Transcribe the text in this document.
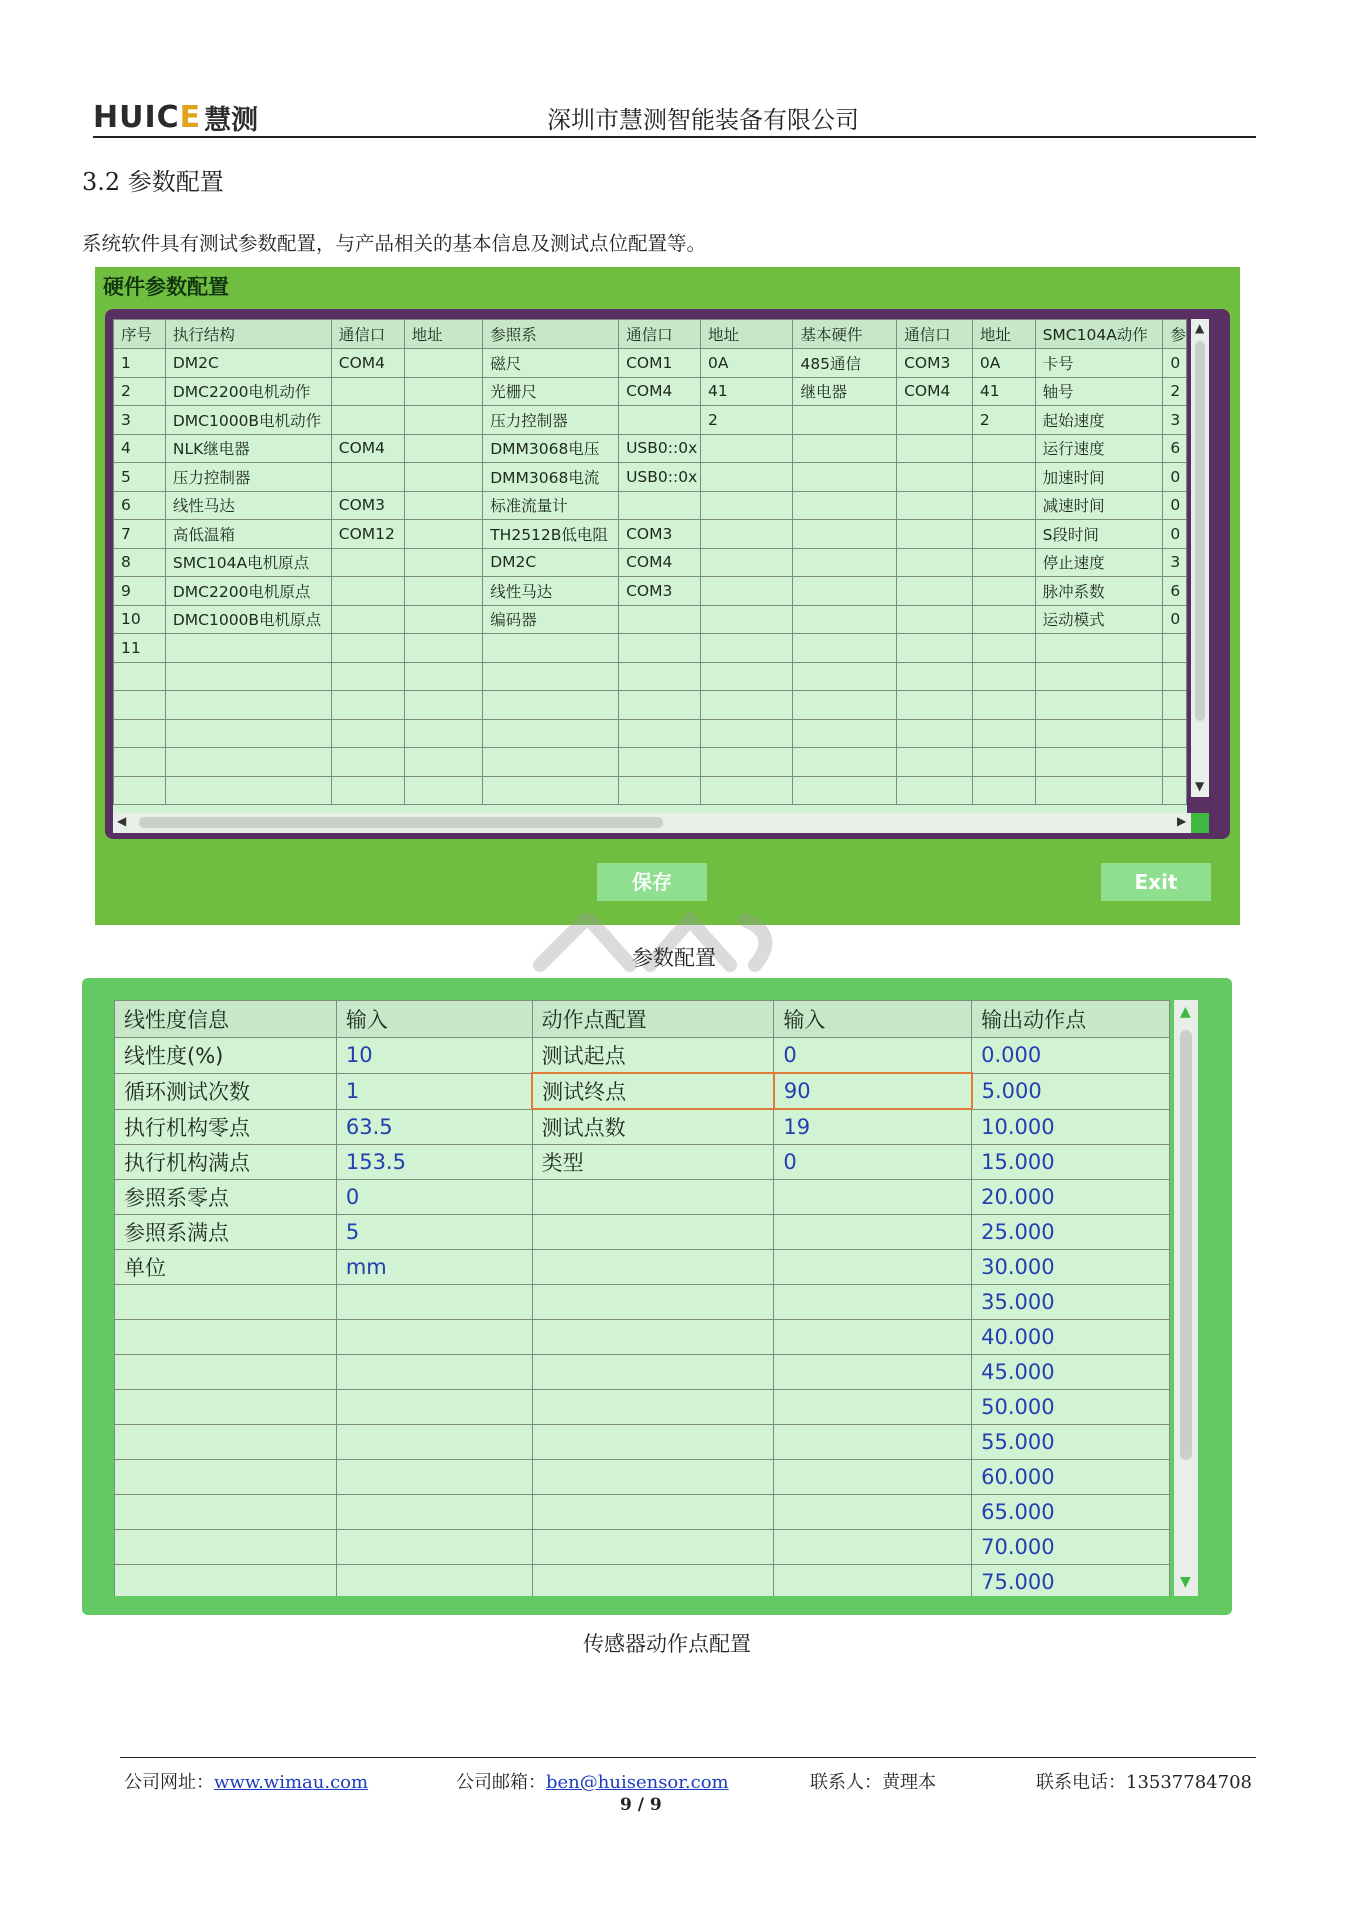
HUICE 慧测	深圳市慧测智能装备有限公司
3.2 参数配置
系统软件具有测试参数配置，与产品相关的基本信息及测试点位配置等。
硬件参数配置
序号	执行结构	通信口	地址	参照系	通信口	地址	基本硬件	通信口	地址	SMC104A动作	参
1	DM2C	COM4		磁尺	COM1	0A	485通信	COM3	0A	卡号	0
2	DMC2200电机动作			光栅尺	COM4	41	继电器	COM4	41	轴号	2
3	DMC1000B电机动作			压力控制器		2			2	起始速度	3
4	NLK继电器	COM4		DMM3068电压	USB0::0x					运行速度	6
5	压力控制器			DMM3068电流	USB0::0x					加速时间	0
6	线性马达	COM3		标准流量计						减速时间	0
7	高低温箱	COM12		TH2512B低电阻	COM3					S段时间	0
8	SMC104A电机原点			DM2C	COM4					停止速度	3
9	DMC2200电机原点			线性马达	COM3					脉冲系数	6
10	DMC1000B电机原点			编码器						运动模式	0
11											

▲
▼
◀	▶
保存	Exit
参数配置
线性度信息	输入	动作点配置	输入	输出动作点
线性度(%)	10	测试起点	0	0.000
循环测试次数	1	测试终点	90	5.000
执行机构零点	63.5	测试点数	19	10.000
执行机构满点	153.5	类型	0	15.000
参照系零点	0			20.000
参照系满点	5			25.000
单位	mm			30.000
				35.000
				40.000
				45.000
				50.000
				55.000
				60.000
				65.000
				70.000
				75.000
▲
▼
传感器动作点配置
公司网址：www.wimau.com	公司邮箱：ben@huisensor.com	联系人：黄理本	联系电话：13537784708
9 / 9
